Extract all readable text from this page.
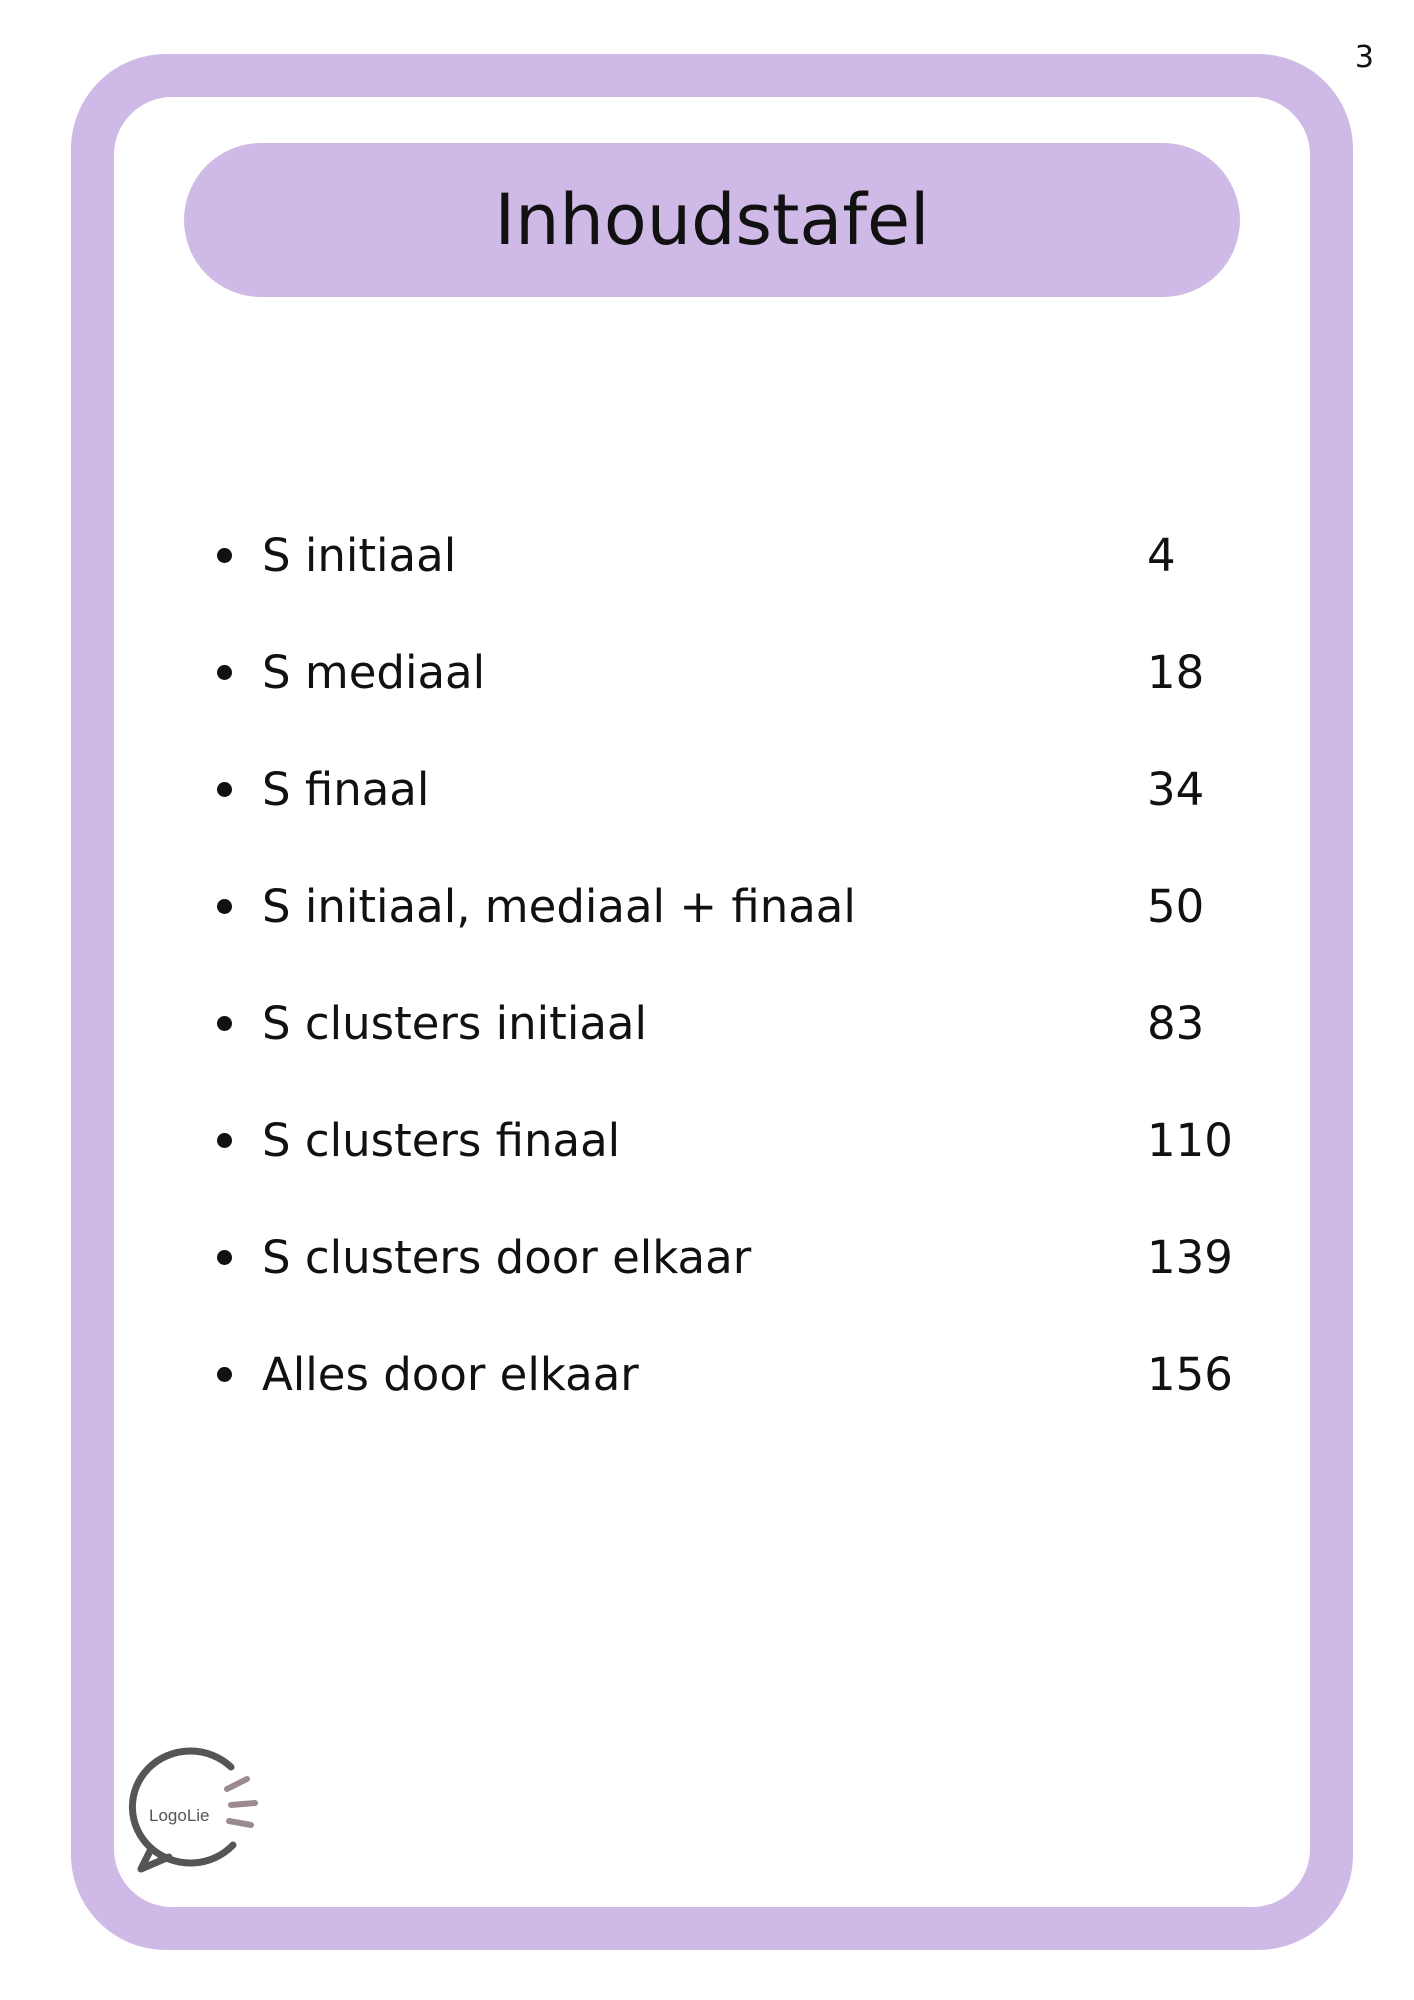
3
Inhoudstafel
S initiaal	4
S mediaal	18
S finaal	34
S initiaal, mediaal + finaal	50
S clusters initiaal	83
S clusters finaal	110
S clusters door elkaar	139
Alles door elkaar	156
LogoLie
